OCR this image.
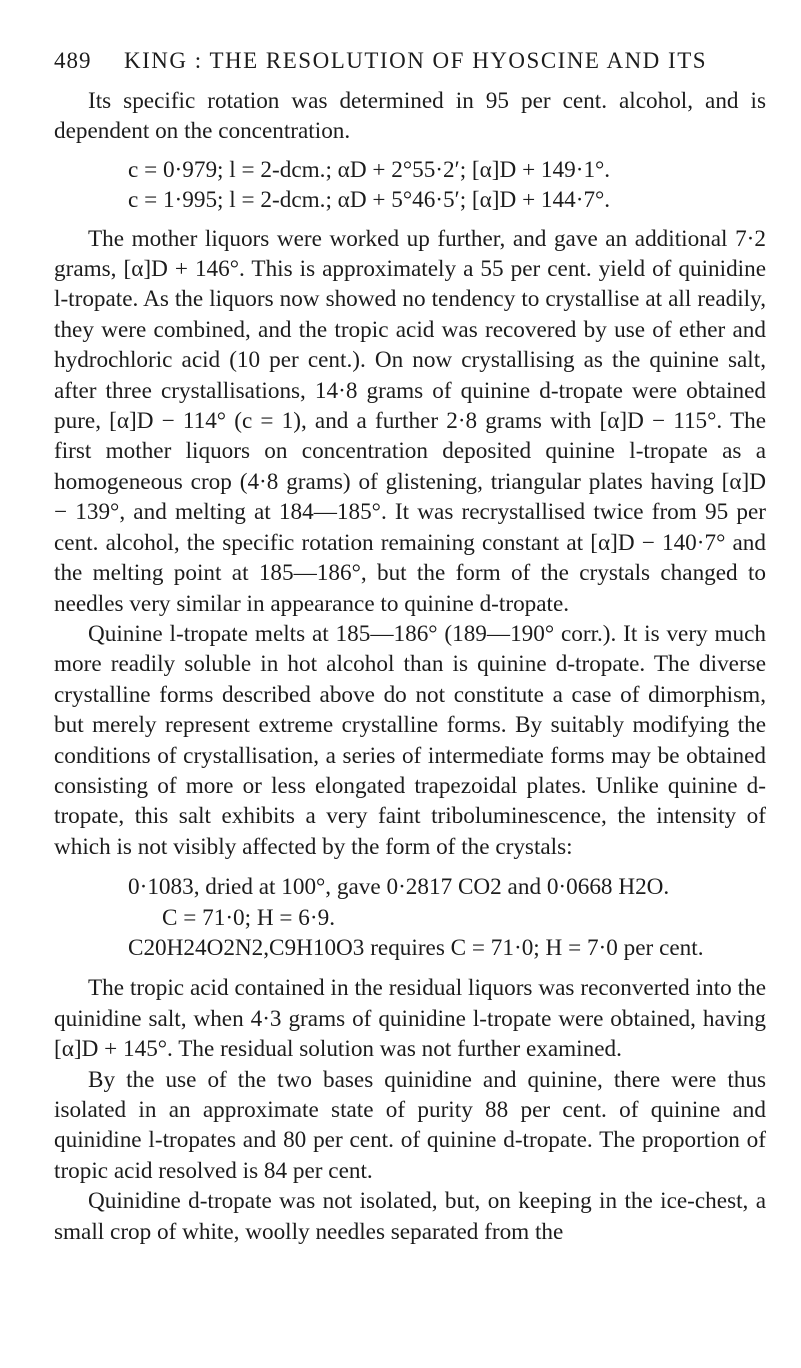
489 KING : THE RESOLUTION OF HYOSCINE AND ITS

Its specific rotation was determined in 95 per cent. alcohol, and is dependent on the concentration.

c = 0·979; l = 2-dcm.; αD + 2°55·2′; [α]D + 149·1°.
c = 1·995; l = 2-dcm.; αD + 5°46·5′; [α]D + 144·7°.

The mother liquors were worked up further, and gave an additional 7·2 grams, [α]D + 146°. This is approximately a 55 per cent. yield of quinidine l-tropate. As the liquors now showed no tendency to crystallise at all readily, they were combined, and the tropic acid was recovered by use of ether and hydrochloric acid (10 per cent.). On now crystallising as the quinine salt, after three crystallisations, 14·8 grams of quinine d-tropate were obtained pure, [α]D − 114° (c = 1), and a further 2·8 grams with [α]D − 115°. The first mother liquors on concentration deposited quinine l-tropate as a homogeneous crop (4·8 grams) of glistening, triangular plates having [α]D − 139°, and melting at 184—185°. It was recrystallised twice from 95 per cent. alcohol, the specific rotation remaining constant at [α]D − 140·7° and the melting point at 185—186°, but the form of the crystals changed to needles very similar in appearance to quinine d-tropate.

Quinine l-tropate melts at 185—186° (189—190° corr.). It is very much more readily soluble in hot alcohol than is quinine d-tropate. The diverse crystalline forms described above do not constitute a case of dimorphism, but merely represent extreme crystalline forms. By suitably modifying the conditions of crystallisation, a series of intermediate forms may be obtained consisting of more or less elongated trapezoidal plates. Unlike quinine d-tropate, this salt exhibits a very faint triboluminescence, the intensity of which is not visibly affected by the form of the crystals:

0·1083, dried at 100°, gave 0·2817 CO2 and 0·0668 H2O.
C = 71·0; H = 6·9.
C20H24O2N2,C9H10O3 requires C = 71·0; H = 7·0 per cent.

The tropic acid contained in the residual liquors was reconverted into the quinidine salt, when 4·3 grams of quinidine l-tropate were obtained, having [α]D + 145°. The residual solution was not further examined.

By the use of the two bases quinidine and quinine, there were thus isolated in an approximate state of purity 88 per cent. of quinine and quinidine l-tropates and 80 per cent. of quinine d-tropate. The proportion of tropic acid resolved is 84 per cent.

Quinidine d-tropate was not isolated, but, on keeping in the ice-chest, a small crop of white, woolly needles separated from the
